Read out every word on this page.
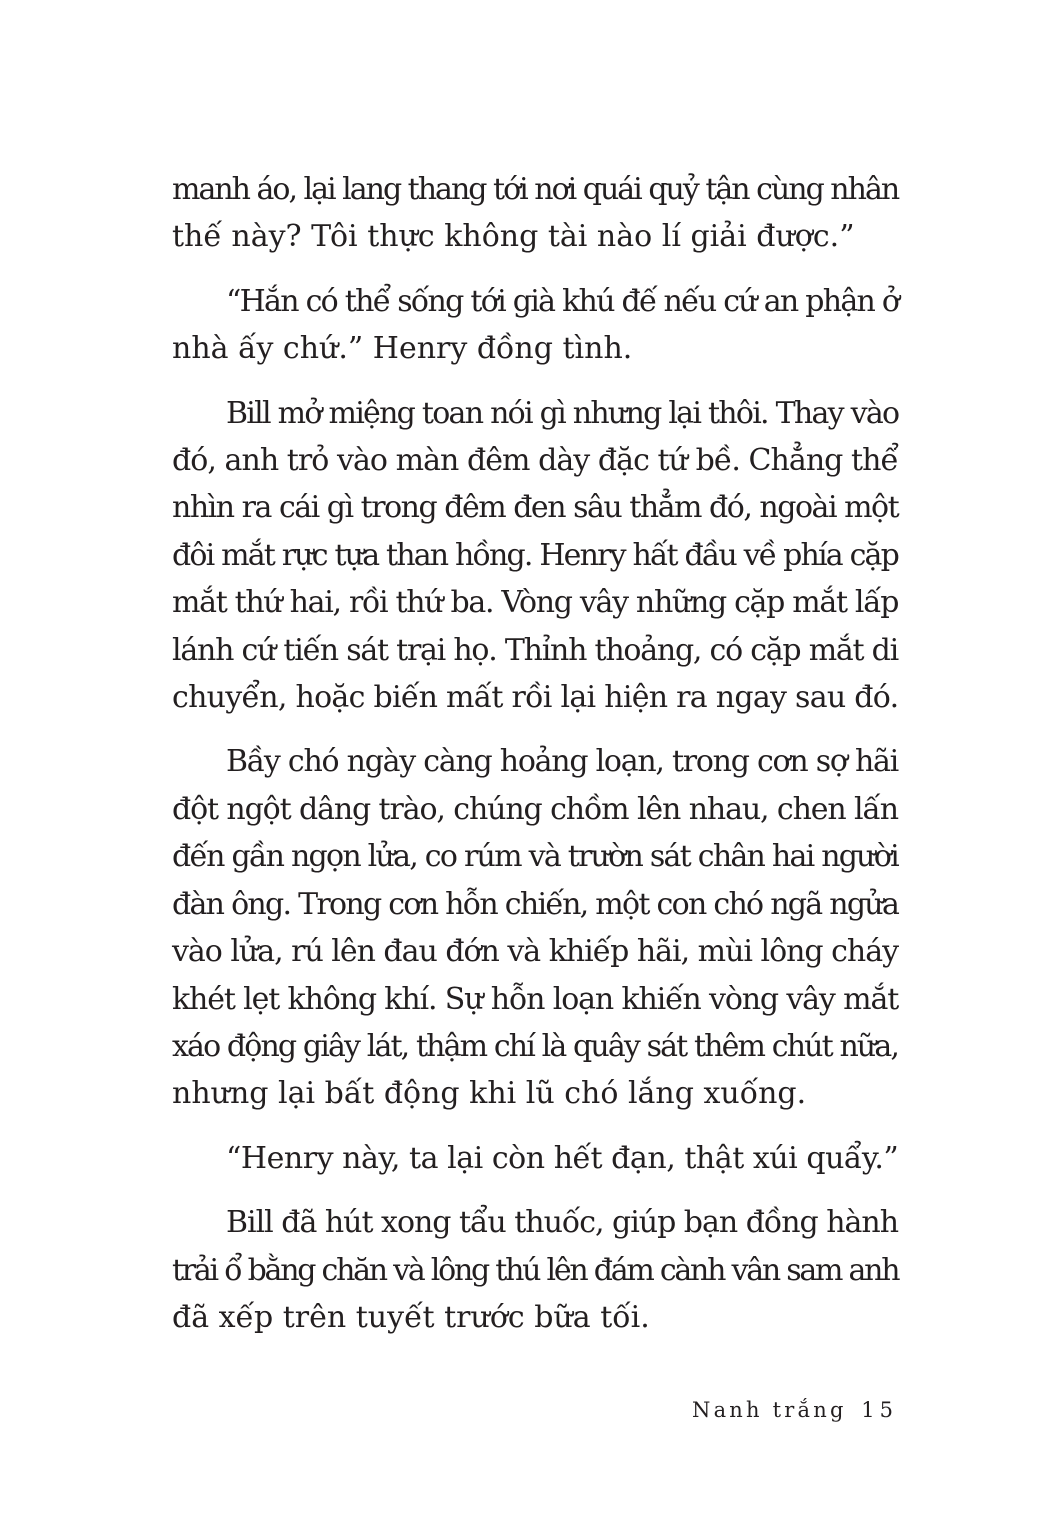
manh áo, lại lang thang tới nơi quái quỷ tận cùng nhân
thế này? Tôi thực không tài nào lí giải được.”

“Hắn có thể sống tới già khú đế nếu cứ an phận ở
nhà ấy chứ.” Henry đồng tình.

Bill mở miệng toan nói gì nhưng lại thôi. Thay vào
đó, anh trỏ vào màn đêm dày đặc tứ bề. Chẳng thể
nhìn ra cái gì trong đêm đen sâu thẳm đó, ngoài một
đôi mắt rực tựa than hồng. Henry hất đầu về phía cặp
mắt thứ hai, rồi thứ ba. Vòng vây những cặp mắt lấp
lánh cứ tiến sát trại họ. Thỉnh thoảng, có cặp mắt di
chuyển, hoặc biến mất rồi lại hiện ra ngay sau đó.

Bầy chó ngày càng hoảng loạn, trong cơn sợ hãi
đột ngột dâng trào, chúng chồm lên nhau, chen lấn
đến gần ngọn lửa, co rúm và trườn sát chân hai người
đàn ông. Trong cơn hỗn chiến, một con chó ngã ngửa
vào lửa, rú lên đau đớn và khiếp hãi, mùi lông cháy
khét lẹt không khí. Sự hỗn loạn khiến vòng vây mắt
xáo động giây lát, thậm chí là quây sát thêm chút nữa,
nhưng lại bất động khi lũ chó lắng xuống.

“Henry này, ta lại còn hết đạn, thật xúi quẩy.”

Bill đã hút xong tẩu thuốc, giúp bạn đồng hành
trải ổ bằng chăn và lông thú lên đám cành vân sam anh
đã xếp trên tuyết trước bữa tối.

Nanh trắng 15
